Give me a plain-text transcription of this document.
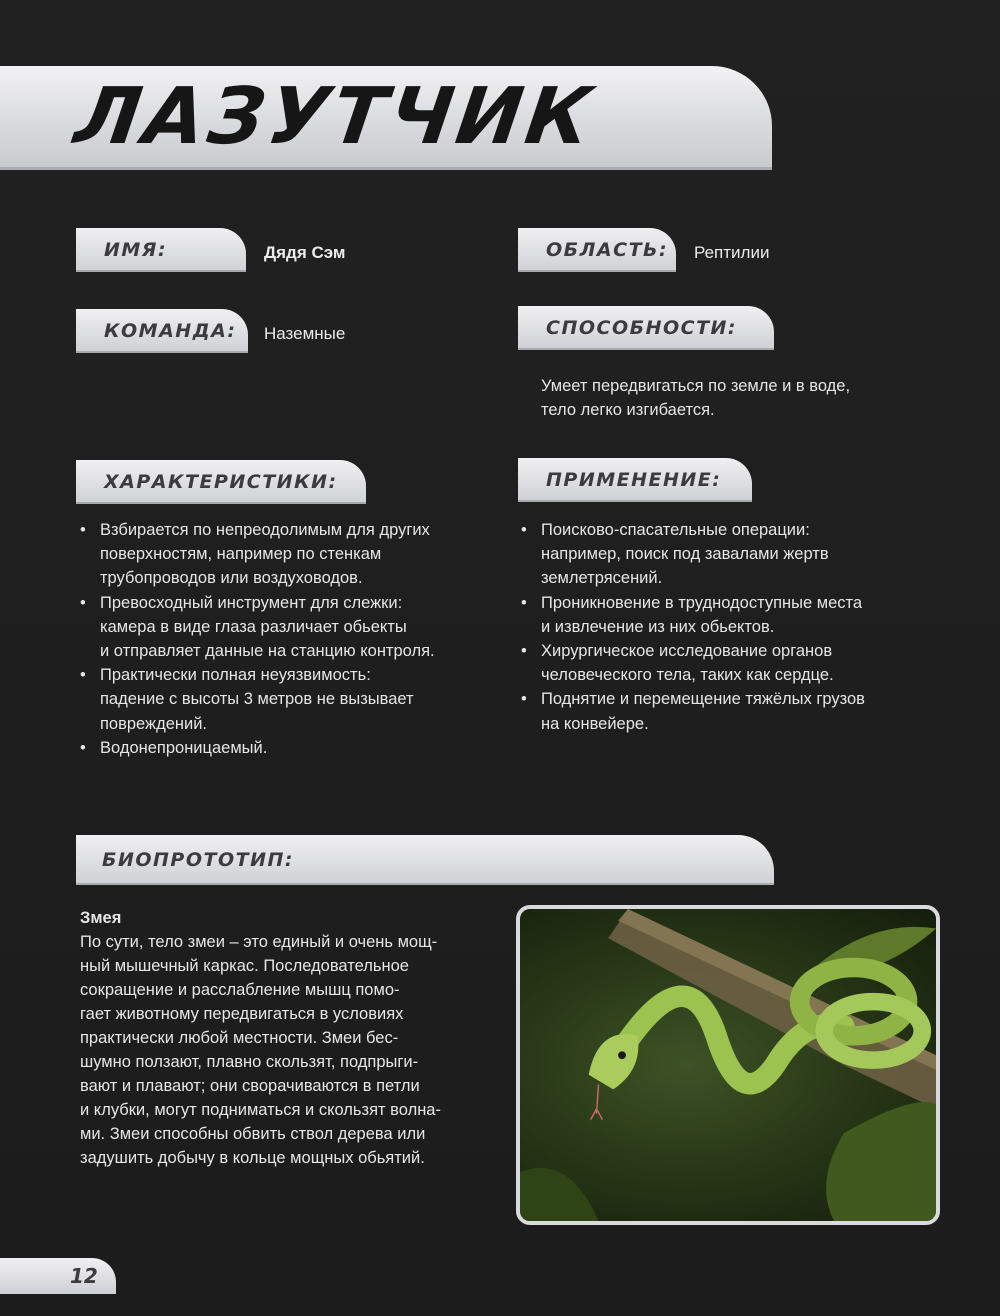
ЛАЗУТЧИК
ИМЯ:	Дядя Сэм
КОМАНДА: Наземные
ОБЛАСТЬ: Рептилии
СПОСОБНОСТИ:
Умеет передвигаться по земле и в воде,
тело легко изгибается.
ХАРАКТЕРИСТИКИ:
• Взбирается по непреодолимым для других
поверхностям, например по стенкам
трубопроводов или воздуховодов.
• Превосходный инструмент для слежки:
камера в виде глаза различает обьекты
и отправляет данные на станцию контроля.
• Практически полная неуязвимость:
падение с высоты 3 метров не вызывает
повреждений.
• Водонепроницаемый.
ПРИМЕНЕНИЕ:
• Поисково-спасательные операции:
например, поиск под завалами жертв
землетрясений.
• Проникновение в труднодоступные места
и извлечение из них обьектов.
• Хирургическое исследование органов
человеческого тела, таких как сердце.
• Поднятие и перемещение тяжёлых грузов
на конвейере.
БИОПРОТОТИП:
Змея
По сути, тело змеи – это единый и очень мощ-
ный мышечный каркас. Последовательное
сокращение и расслабление мышц помо-
гает животному передвигаться в условиях
практически любой местности. Змеи бес-
шумно ползают, плавно скользят, подпрыги-
вают и плавают; они сворачиваются в петли
и клубки, могут подниматься и скользят волна-
ми. Змеи способны обвить ствол дерева или
задушить добычу в кольце мощных обьятий.
12
